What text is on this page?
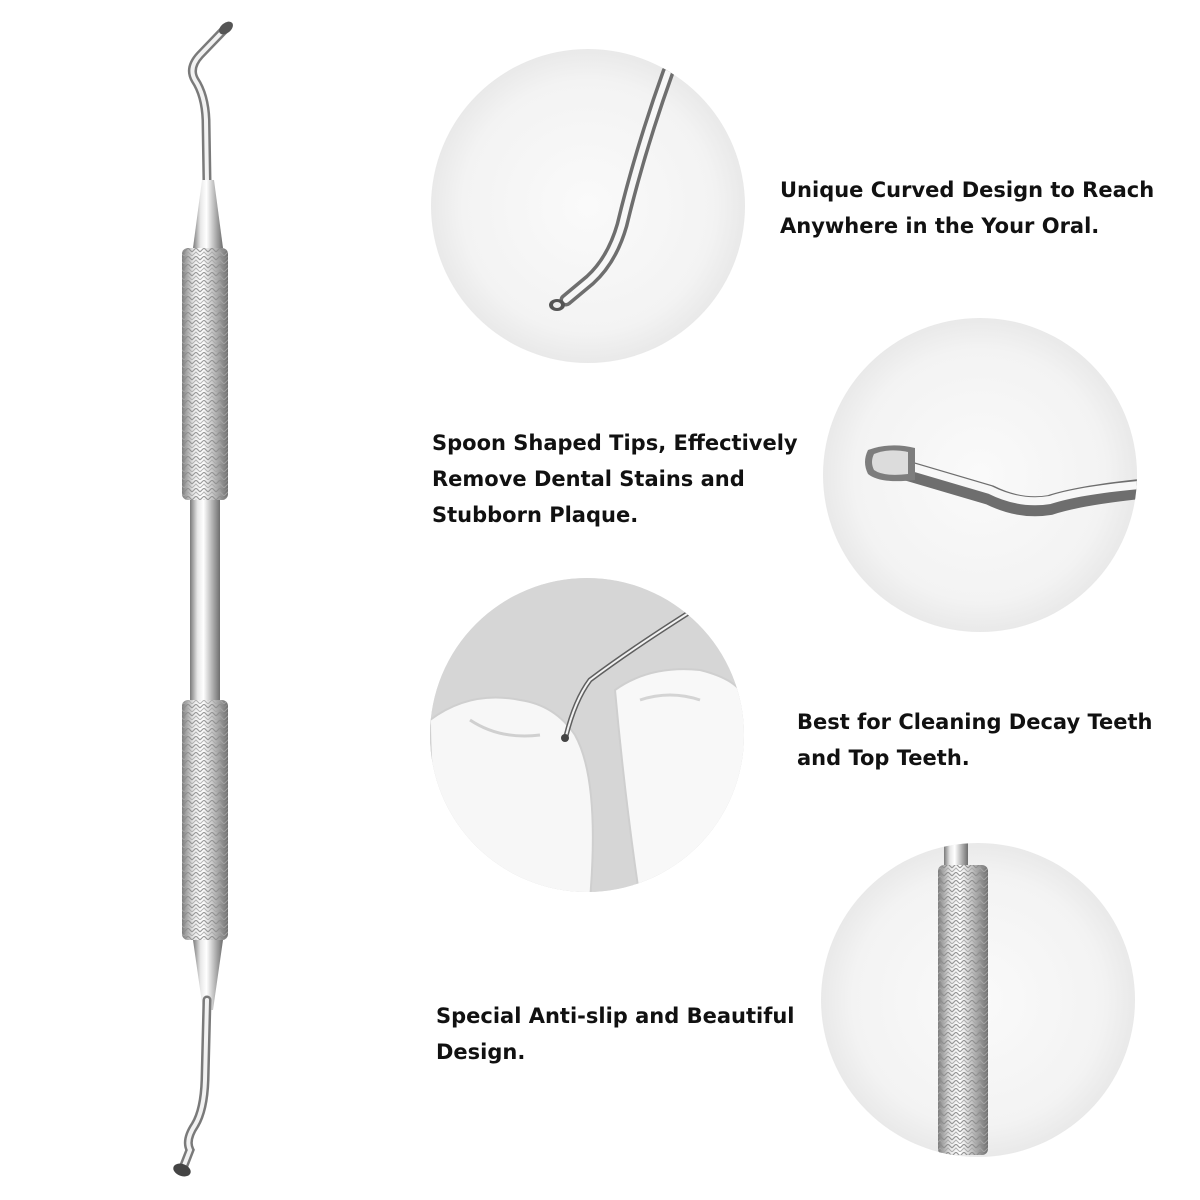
Unique Curved Design to Reach
Anywhere in the Your Oral.
Spoon Shaped Tips, Effectively
Remove Dental Stains and
Stubborn Plaque.
Best for Cleaning Decay Teeth
and Top Teeth.
Special Anti-slip and Beautiful
Design.
